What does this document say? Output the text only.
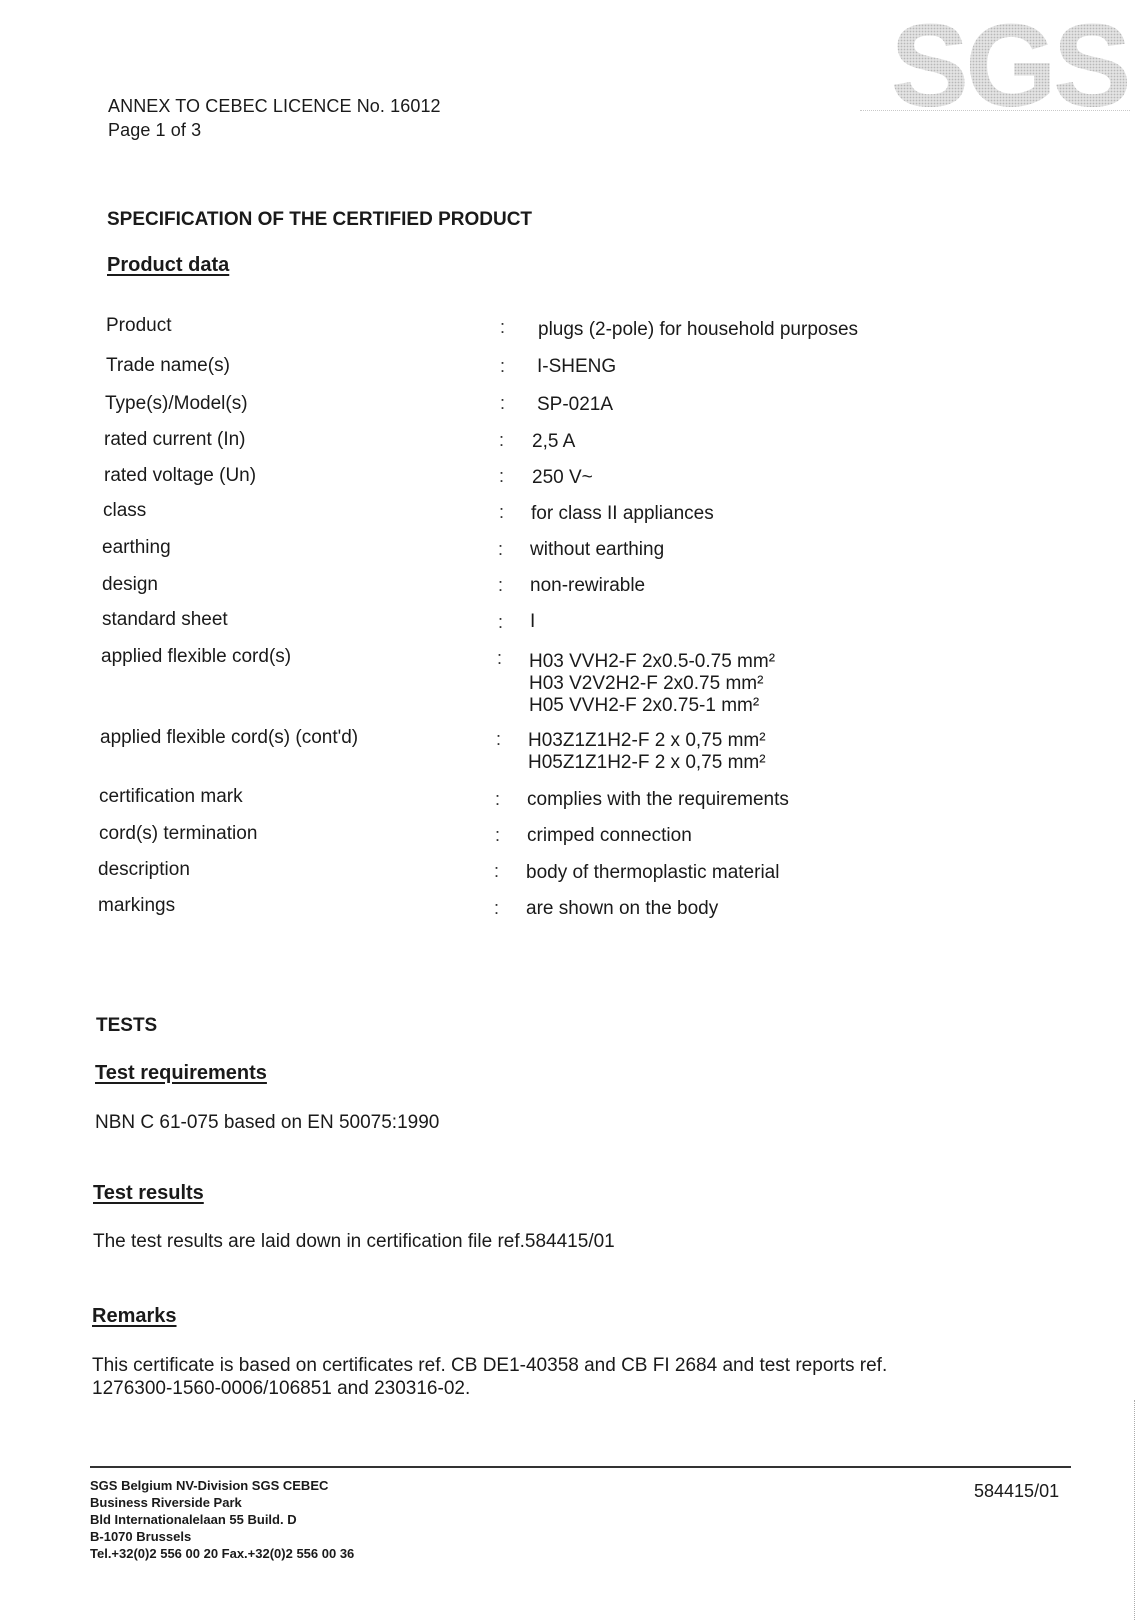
SGS
ANNEX TO CEBEC LICENCE No. 16012
Page 1 of 3
SPECIFICATION OF THE CERTIFIED PRODUCT
Product data
Product	: plugs (2-pole) for household purposes
Trade name(s)	: I-SHENG
Type(s)/Model(s)	: SP-021A
rated current (In)	: 2,5 A
rated voltage (Un)	: 250 V~
class	: for class II appliances
earthing	: without earthing
design	: non-rewirable
standard sheet	: I
applied flexible cord(s)	: H03 VVH2-F 2x0.5-0.75 mm²
H03 V2V2H2-F 2x0.75 mm²
H05 VVH2-F 2x0.75-1 mm²
applied flexible cord(s) (cont'd)	: H03Z1Z1H2-F 2 x 0,75 mm²
H05Z1Z1H2-F 2 x 0,75 mm²
certification mark	: complies with the requirements
cord(s) termination	: crimped connection
description	: body of thermoplastic material
markings	: are shown on the body
TESTS
Test requirements
NBN C 61-075 based on EN 50075:1990
Test results
The test results are laid down in certification file ref.584415/01
Remarks
This certificate is based on certificates ref. CB DE1-40358 and CB FI 2684 and test reports ref.
1276300-1560-0006/106851 and 230316-02.
SGS Belgium NV-Division SGS CEBEC
Business Riverside Park
Bld Internationalelaan 55 Build. D
B-1070 Brussels
Tel.+32(0)2 556 00 20 Fax.+32(0)2 556 00 36
584415/01
